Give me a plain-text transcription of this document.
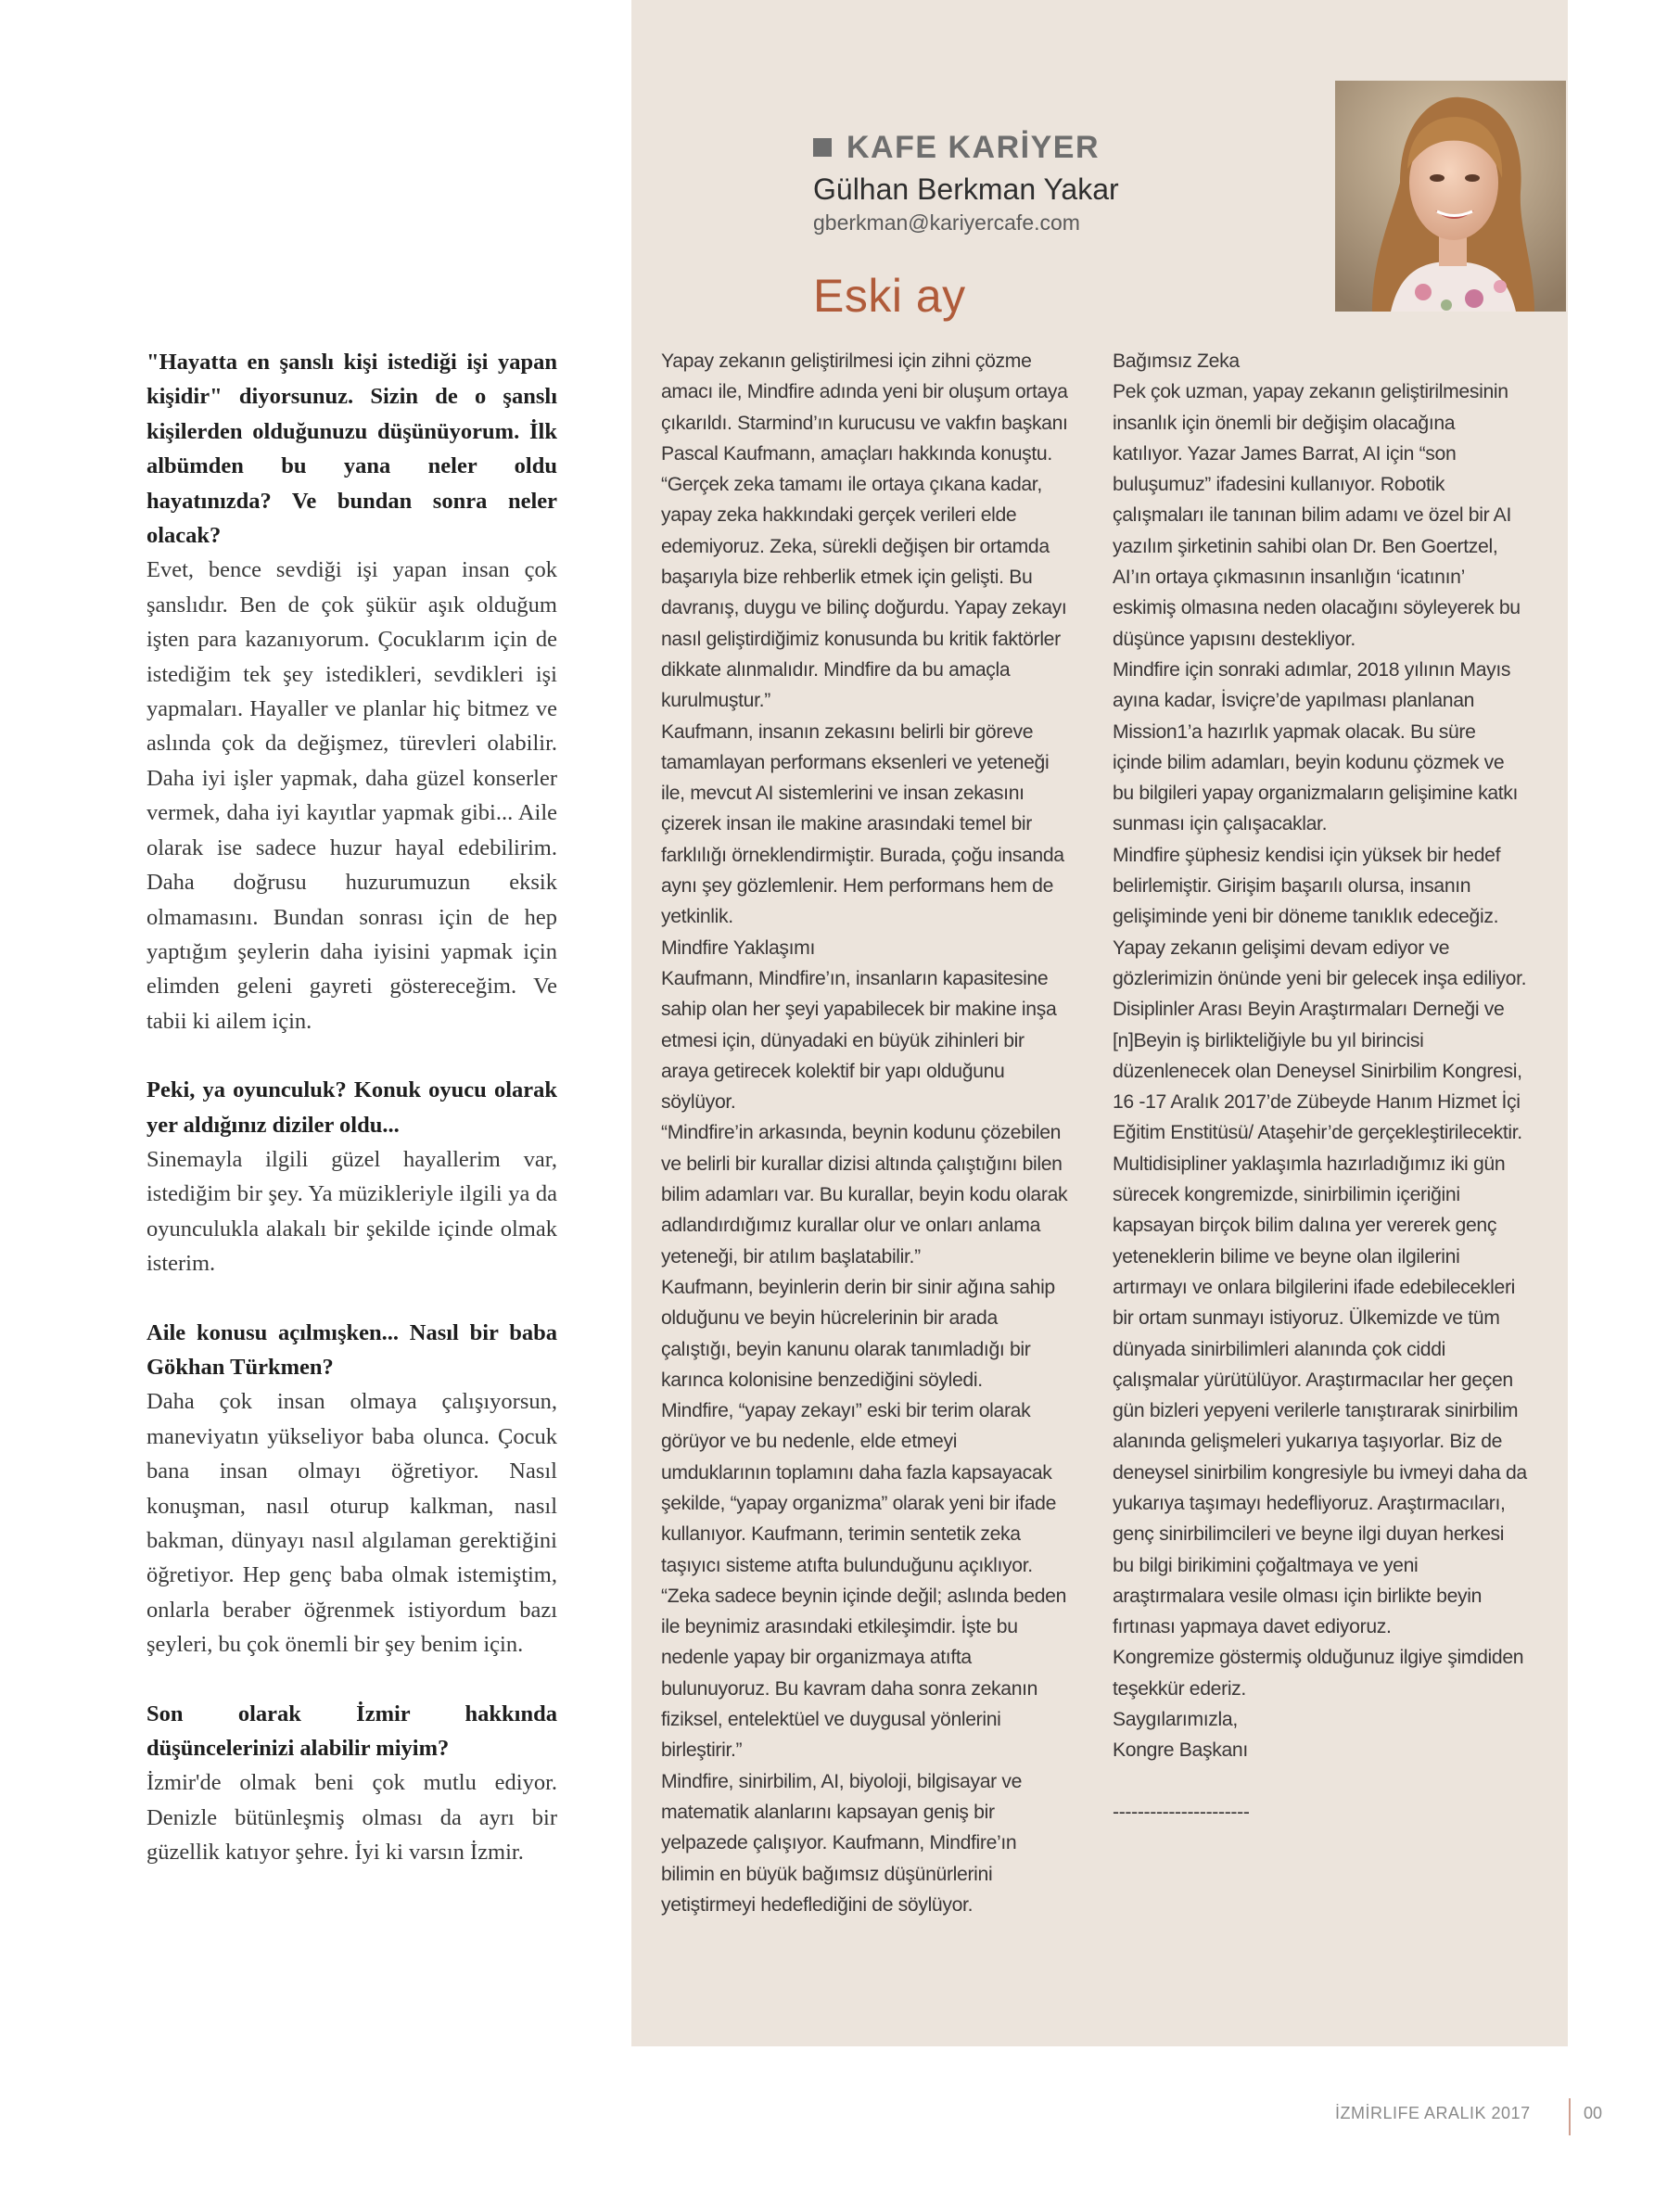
"Hayatta en şanslı kişi istediği işi yapan kişidir" diyorsunuz. Sizin de o şanslı kişilerden olduğunuzu düşünüyorum. İlk albümden bu yana neler oldu hayatınızda? Ve bundan sonra neler olacak?
Evet, bence sevdiği işi yapan insan çok şanslıdır. Ben de çok şükür aşık olduğum işten para kazanıyorum. Çocuklarım için de istediğim tek şey istedikleri, sevdikleri işi yapmaları. Hayaller ve planlar hiç bitmez ve aslında çok da değişmez, türevleri olabilir. Daha iyi işler yapmak, daha güzel konserler vermek, daha iyi kayıtlar yapmak gibi... Aile olarak ise sadece huzur hayal edebilirim. Daha doğrusu huzurumuzun eksik olmamasını. Bundan sonrası için de hep yaptığım şeylerin daha iyisini yapmak için elimden geleni gayreti göstereceğim. Ve tabii ki ailem için.
Peki, ya oyunculuk? Konuk oyucu olarak yer aldığınız diziler oldu...
Sinemayla ilgili güzel hayallerim var, istediğim bir şey. Ya müzikleriyle ilgili ya da oyunculukla alakalı bir şekilde içinde olmak isterim.
Aile konusu açılmışken... Nasıl bir baba Gökhan Türkmen?
Daha çok insan olmaya çalışıyorsun, maneviyatın yükseliyor baba olunca. Çocuk bana insan olmayı öğretiyor. Nasıl konuşman, nasıl oturup kalkman, nasıl bakman, dünyayı nasıl algılaman gerektiğini öğretiyor. Hep genç baba olmak istemiştim, onlarla beraber öğrenmek istiyordum bazı şeyleri, bu çok önemli bir şey benim için.
Son olarak İzmir hakkında düşüncelerinizi alabilir miyim?
İzmir'de olmak beni çok mutlu ediyor. Denizle bütünleşmiş olması da ayrı bir güzellik katıyor şehre. İyi ki varsın İzmir.
KAFE KARİYER
Gülhan Berkman Yakar
gberkman@kariyercafe.com
Eski ay

Yapay zekanın geliştirilmesi için zihni çözme amacı ile, Mindfire adında yeni bir oluşum ortaya çıkarıldı. Starmind’ın kurucusu ve vakfın başkanı Pascal Kaufmann, amaçları hakkında konuştu.

“Gerçek zeka tamamı ile ortaya çıkana kadar, yapay zeka hakkındaki gerçek verileri elde edemiyoruz. Zeka, sürekli değişen bir ortamda başarıyla bize rehberlik etmek için gelişti. Bu davranış, duygu ve bilinç doğurdu. Yapay zekayı nasıl geliştirdiğimiz konusunda bu kritik faktörler dikkate alınmalıdır. Mindfire da bu amaçla kurulmuştur.”

Kaufmann, insanın zekasını belirli bir göreve tamamlayan performans eksenleri ve yeteneği ile, mevcut AI sistemlerini ve insan zekasını çizerek insan ile makine arasındaki temel bir farklılığı örneklendirmiştir. Burada, çoğu insanda aynı şey gözlemlenir. Hem performans hem de yetkinlik.

Mindfire Yaklaşımı

Kaufmann, Mindfire’ın, insanların kapasitesine sahip olan her şeyi yapabilecek bir makine inşa etmesi için, dünyadaki en büyük zihinleri bir araya getirecek kolektif bir yapı olduğunu söylüyor.

“Mindfire’in arkasında, beynin kodunu çözebilen ve belirli bir kurallar dizisi altında çalıştığını bilen bilim adamları var. Bu kurallar, beyin kodu olarak adlandırdığımız kurallar olur ve onları anlama yeteneği, bir atılım başlatabilir.”

Kaufmann, beyinlerin derin bir sinir ağına sahip olduğunu ve beyin hücrelerinin bir arada çalıştığı, beyin kanunu olarak tanımladığı bir karınca kolonisine benzediğini söyledi.

Mindfire, “yapay zekayı” eski bir terim olarak görüyor ve bu nedenle, elde etmeyi umduklarının toplamını daha fazla kapsayacak şekilde, “yapay organizma” olarak yeni bir ifade kullanıyor. Kaufmann, terimin sentetik zeka taşıyıcı sisteme atıfta bulunduğunu açıklıyor. “Zeka sadece beynin içinde değil; aslında beden ile beynimiz arasındaki etkileşimdir. İşte bu nedenle yapay bir organizmaya atıfta bulunuyoruz. Bu kavram daha sonra zekanın fiziksel, entelektüel ve duygusal yönlerini birleştirir.”

Mindfire, sinirbilim, AI, biyoloji, bilgisayar ve matematik alanlarını kapsayan geniş bir yelpazede çalışıyor. Kaufmann, Mindfire’ın bilimin en büyük bağımsız düşünürlerini yetiştirmeyi hedeflediğini de söylüyor.

Bağımsız Zeka

Pek çok uzman, yapay zekanın geliştirilmesinin insanlık için önemli bir değişim olacağına katılıyor. Yazar James Barrat, AI için “son buluşumuz” ifadesini kullanıyor. Robotik çalışmaları ile tanınan bilim adamı ve özel bir AI yazılım şirketinin sahibi olan Dr. Ben Goertzel, AI’ın ortaya çıkmasının insanlığın ‘icatının’ eskimiş olmasına neden olacağını söyleyerek bu düşünce yapısını destekliyor.

Mindfire için sonraki adımlar, 2018 yılının Mayıs ayına kadar, İsviçre’de yapılması planlanan Mission1’a hazırlık yapmak olacak. Bu süre içinde bilim adamları, beyin kodunu çözmek ve bu bilgileri yapay organizmaların gelişimine katkı sunması için çalışacaklar.

Mindfire şüphesiz kendisi için yüksek bir hedef belirlemiştir. Girişim başarılı olursa, insanın gelişiminde yeni bir döneme tanıklık edeceğiz. Yapay zekanın gelişimi devam ediyor ve gözlerimizin önünde yeni bir gelecek inşa ediliyor.

Disiplinler Arası Beyin Araştırmaları Derneği ve [n]Beyin iş birlikteliğiyle bu yıl birincisi düzenlenecek olan Deneysel Sinirbilim Kongresi, 16 -17 Aralık 2017’de Zübeyde Hanım Hizmet İçi Eğitim Enstitüsü/ Ataşehir’de gerçekleştirilecektir.

Multidisipliner yaklaşımla hazırladığımız iki gün sürecek kongremizde, sinirbilimin içeriğini kapsayan birçok bilim dalına yer vererek genç yeteneklerin bilime ve beyne olan ilgilerini artırmayı ve onlara bilgilerini ifade edebilecekleri bir ortam sunmayı istiyoruz. Ülkemizde ve tüm dünyada sinirbilimleri alanında çok ciddi çalışmalar yürütülüyor. Araştırmacılar her geçen gün bizleri yepyeni verilerle tanıştırarak sinirbilim alanında gelişmeleri yukarıya taşıyorlar. Biz de deneysel sinirbilim kongresiyle bu ivmeyi daha da yukarıya taşımayı hedefliyoruz. Araştırmacıları, genç sinirbilimcileri ve beyne ilgi duyan herkesi bu bilgi birikimini çoğaltmaya ve yeni araştırmalara vesile olması için birlikte beyin fırtınası yapmaya davet ediyoruz.

Kongremize göstermiş olduğunuz ilgiye şimdiden teşekkür ederiz.

Saygılarımızla,

Kongre Başkanı

----------------------

İZMİRLIFE ARALIK 2017	00
